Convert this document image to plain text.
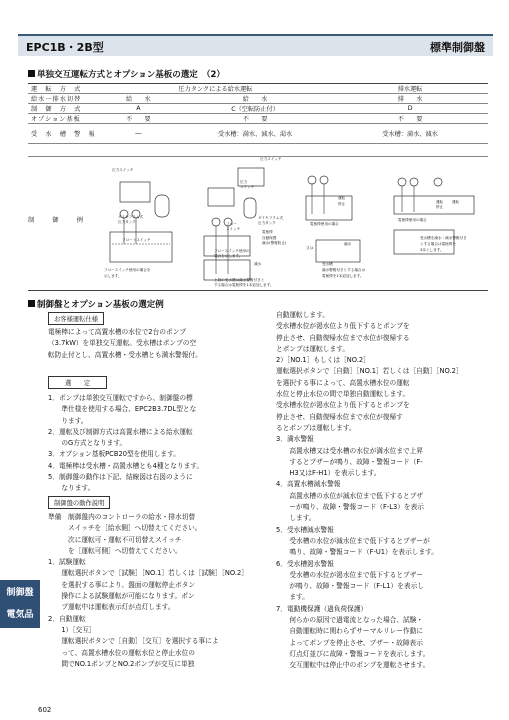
EPC1B・2B型	標準制御盤
単独交互運転方式とオプション基板の選定　（2）
運　転　方　式	圧力タンクによる給水運転		排水運転
給水一排水切替	給　　水	給　　水	排　　水
制　御　方　式	A	C（空転防止付）	D
オプション基板	不　　要	不　　要	不　　要
受　水　槽　警　報	―	受水槽：満水、減水、渇水	受水槽：満水、減水
制　御　例
圧力スイッチ
ダイヤフラム式
圧力タンク
フロートスイッチ
フロースイッチ使用の場合を
示します。
圧力スイッチ
圧力
スイッチ
ダイヤフラム式
圧力タンク
フロー
スイッチ
電極棒
自動保護
満水(警報防止)
フロースイッチ使用の
場合を示します。
減水
上段の受水槽は満水警報付きと
する場合は電極棒を1本追加します。
運転
停止
電極棒使用の場合
満水
又は
受水槽
満水警報付きとする場合は
電極棒を1本追加します。
運転
停止
運転
電極棒使用の場合
受水槽を満水・減水警報付き
とする場合は電極棒を
3本とします。
制御盤とオプション基板の選定例
お客様運転仕様

電極棒によって高置水槽の水位で2台のポンプ

（3.7kW）を単独交互運転。受水槽はポンプの空

転防止付とし、高置水槽・受水槽とも満水警報付。

選　　定

1．ポンプは単独交互運転ですから、制御盤の標

　　準仕様を使用する場合、EPC2B3.7DL型とな

　　ります。

2．運転及び制御方式は高置水槽による給水運転

　　のG方式となります。

3．オプション基板PCB20型を使用します。

4．電極棒は受水槽・高置水槽とも4種となります。

5．制御盤の動作は下記、結線図は右図のように

　　なります。

制御盤の動作説明

準備　制御盤内のコントローラの給水・排水切替

　　　スイッチを［給水側］へ切替えてください。

　　　次に運転可・運転不可切替えスイッチ

　　　を［運転可側］へ切替えてください。

1．試験運転

　　運転選択ボタンで［試験］［NO.1］若しくは［試験］［NO.2］

　　を選択する事により、盤面の運転停止ボタン

　　操作による試験運転が可能になります。ポン

　　プ運転中は運転表示灯が点灯します。

2．自動運転

　　1）［交互］

　　運転選択ボタンで［自動］［交互］を選択する事によ

　　って、高置水槽水位の運転水位と停止水位の

　　間でNO.1ポンプとNO.2ポンプが交互に単独

自動運転します。

受水槽水位が渇水位より低下するとポンプを

停止させ、自動復帰水位まで水位が復帰する

とポンプは運転します。

2）［NO.1］もしくは［NO.2］

運転選択ボタンで［自動］［NO.1］若しくは［自動］［NO.2］

を選択する事によって、高置水槽水位の運転

水位と停止水位の間で単独自動運転します。

受水槽水位が渇水位より低下するとポンプを

停止させ、自動復帰水位まで水位が復帰す

るとポンプは運転します。

3．満水警報

　　高置水槽又は受水槽の水位が満水位まで上昇

　　するとブザーが鳴り、故障・警報コード（F-

　　H3又はF-H1）を表示します。

4．高置水槽減水警報

　　高置水槽の水位が減水位まで低下するとブザ

　　ーが鳴り、故障・警報コード（F-L3）を表示

　　します。

5．受水槽減水警報

　　受水槽の水位が減水位まで低下するとブザーが

　　鳴り、故障・警報コード（F-U1）を表示します。

6．受水槽渇水警報

　　受水槽の水位が渇水位まで低下するとブザー

　　が鳴り、故障・警報コード（F-L1）を表示し

　　ます。

7．電動機保護（過負荷保護）

　　何らかの原因で過電流となった場合、試験・

　　自動運転時に関わらずサーマルリレー作動に

　　よってポンプを停止させ、ブザー・故障表示

　　灯点灯並びに故障・警報コードを表示します。

　　交互運転中は停止中のポンプを運転させます。

制御盤
電気品
602
